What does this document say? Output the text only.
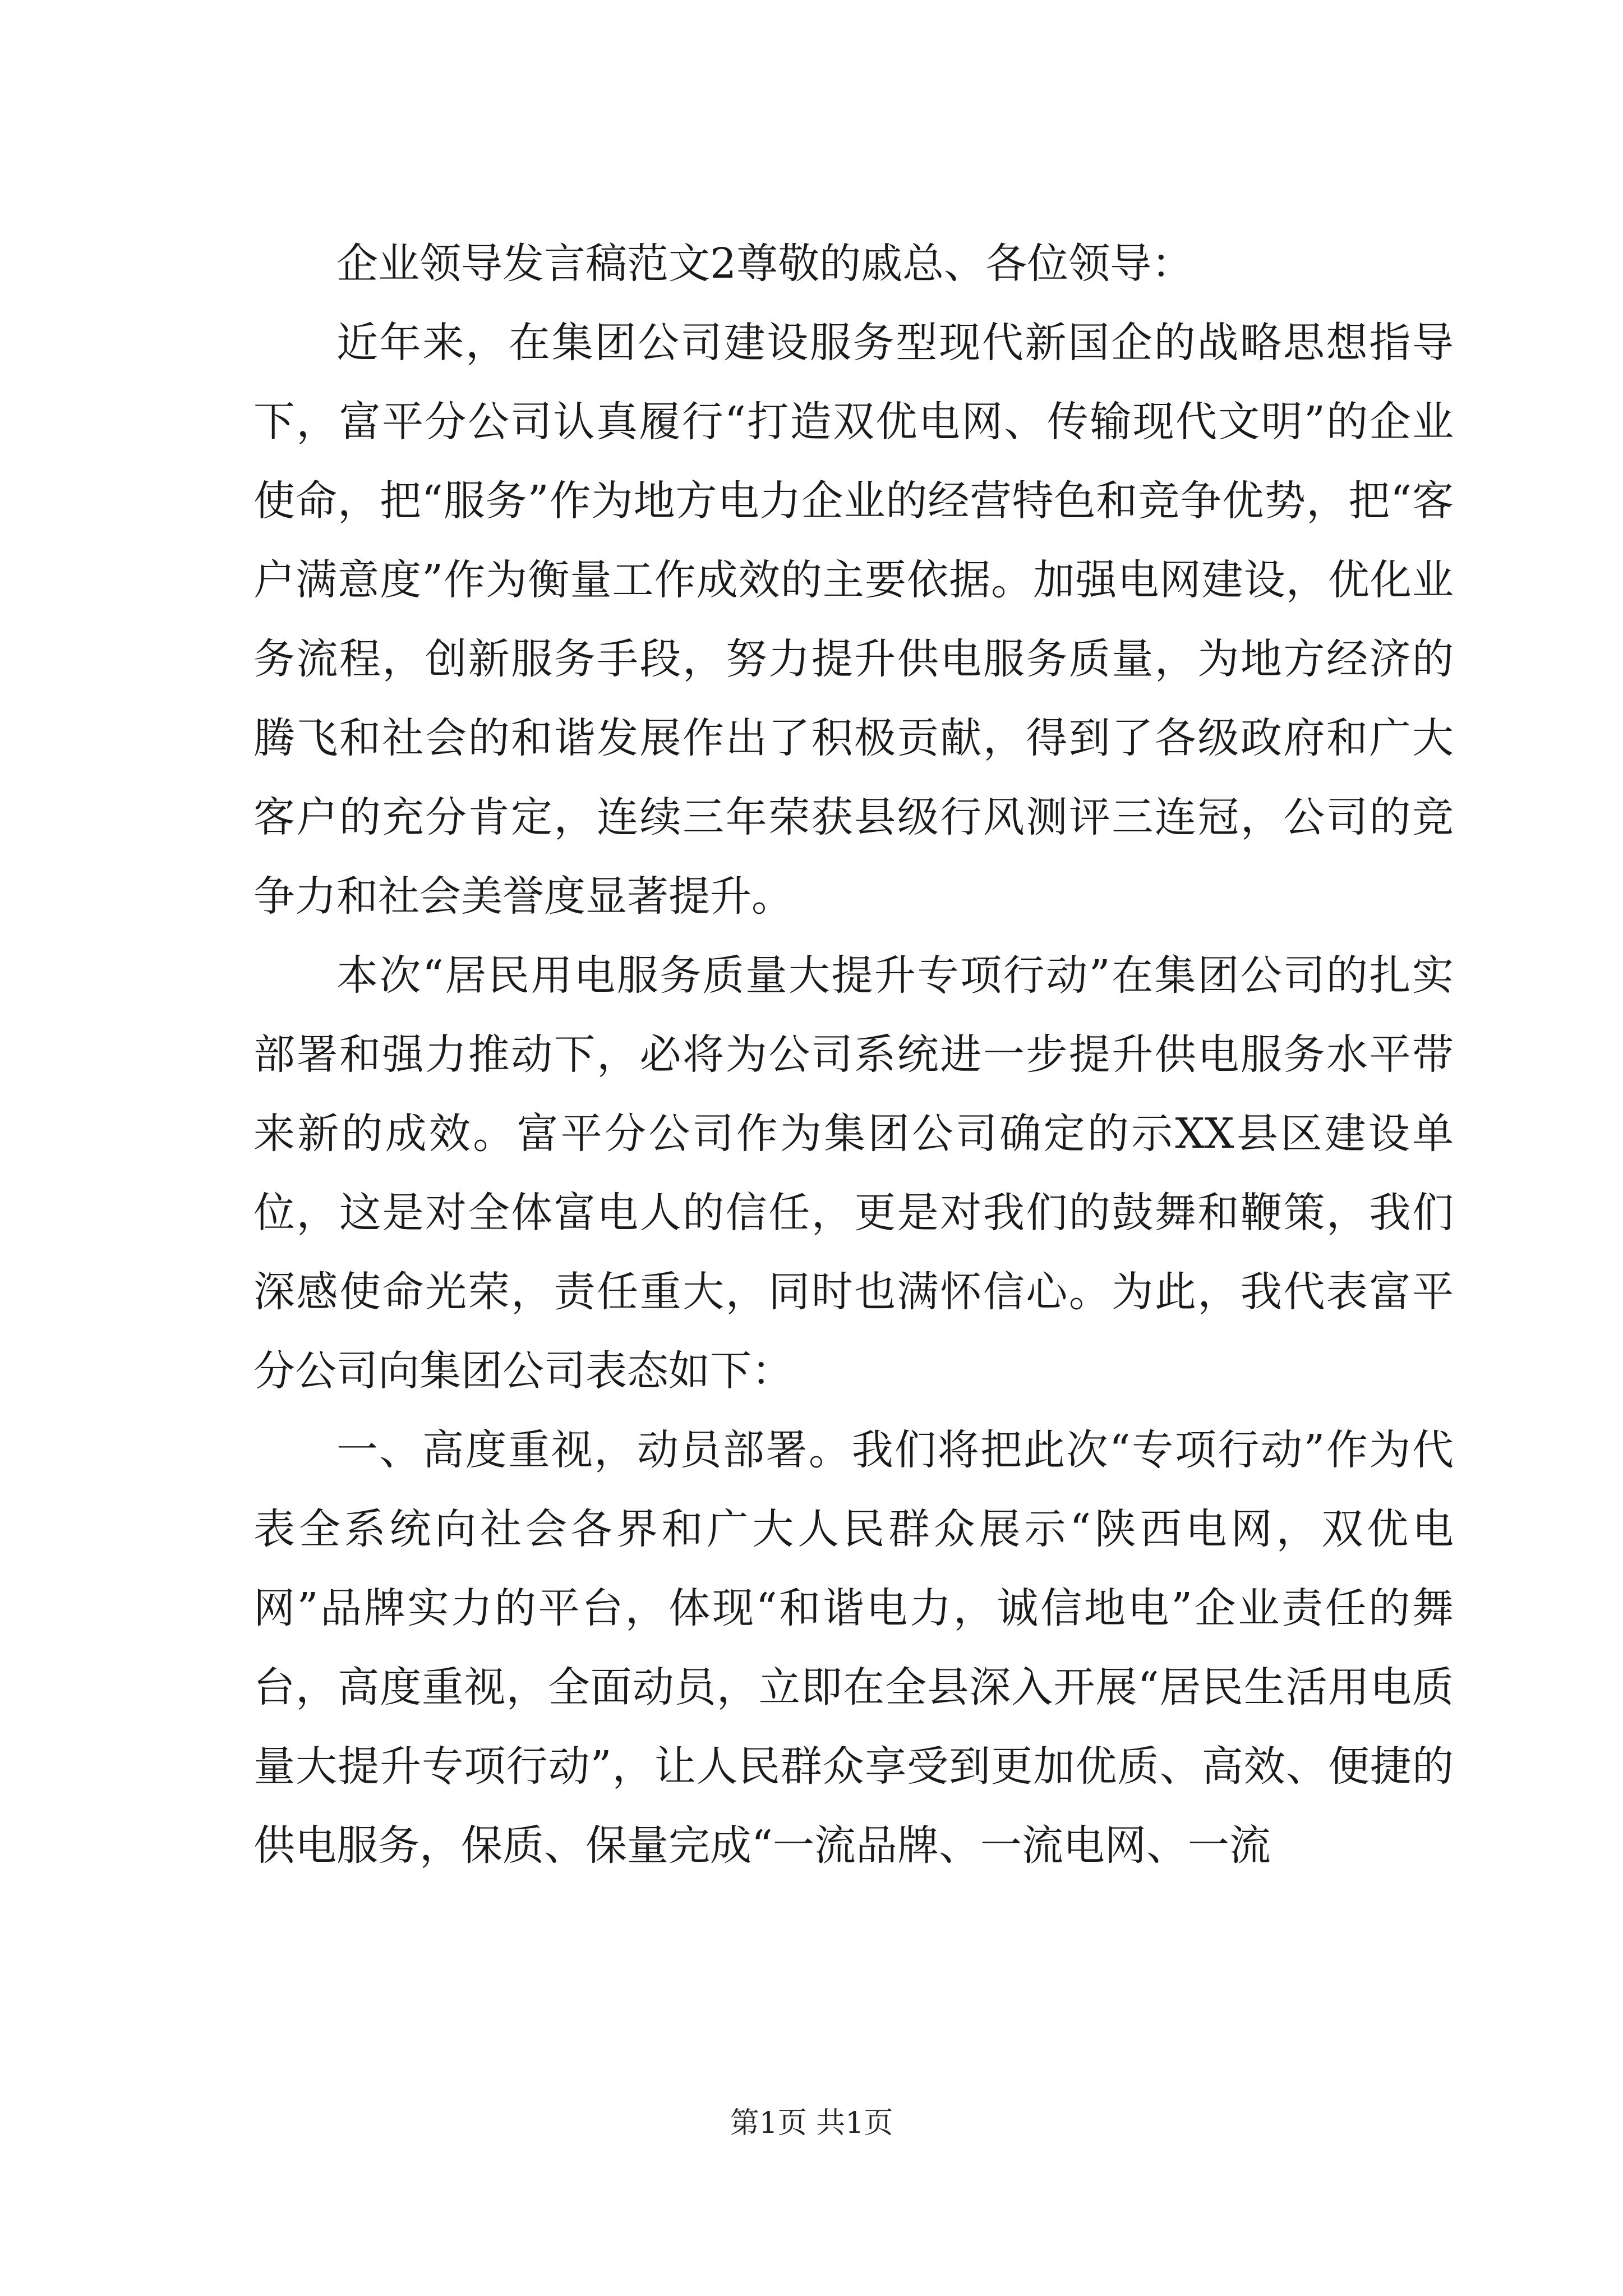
企业领导发言稿范文2尊敬的戚总、各位领导：

近年来，在集团公司建设服务型现代新国企的战略思想指导下，富平分公司认真履行“打造双优电网、传输现代文明”的企业使命，把“服务”作为地方电力企业的经营特色和竞争优势，把“客户满意度”作为衡量工作成效的主要依据。加强电网建设，优化业务流程，创新服务手段，努力提升供电服务质量，为地方经济的腾飞和社会的和谐发展作出了积极贡献，得到了各级政府和广大客户的充分肯定，连续三年荣获县级行风测评三连冠，公司的竞争力和社会美誉度显著提升。

本次“居民用电服务质量大提升专项行动”在集团公司的扎实部署和强力推动下，必将为公司系统进一步提升供电服务水平带来新的成效。富平分公司作为集团公司确定的示XX县区建设单位，这是对全体富电人的信任，更是对我们的鼓舞和鞭策，我们深感使命光荣，责任重大，同时也满怀信心。为此，我代表富平分公司向集团公司表态如下：

一、高度重视，动员部署。我们将把此次“专项行动”作为代表全系统向社会各界和广大人民群众展示“陕西电网，双优电网”品牌实力的平台，体现“和谐电力，诚信地电”企业责任的舞台，高度重视，全面动员，立即在全县深入开展“居民生活用电质量大提升专项行动”，让人民群众享受到更加优质、高效、便捷的供电服务，保质、保量完成“一流品牌、一流电网、一流

第1页 共1页
